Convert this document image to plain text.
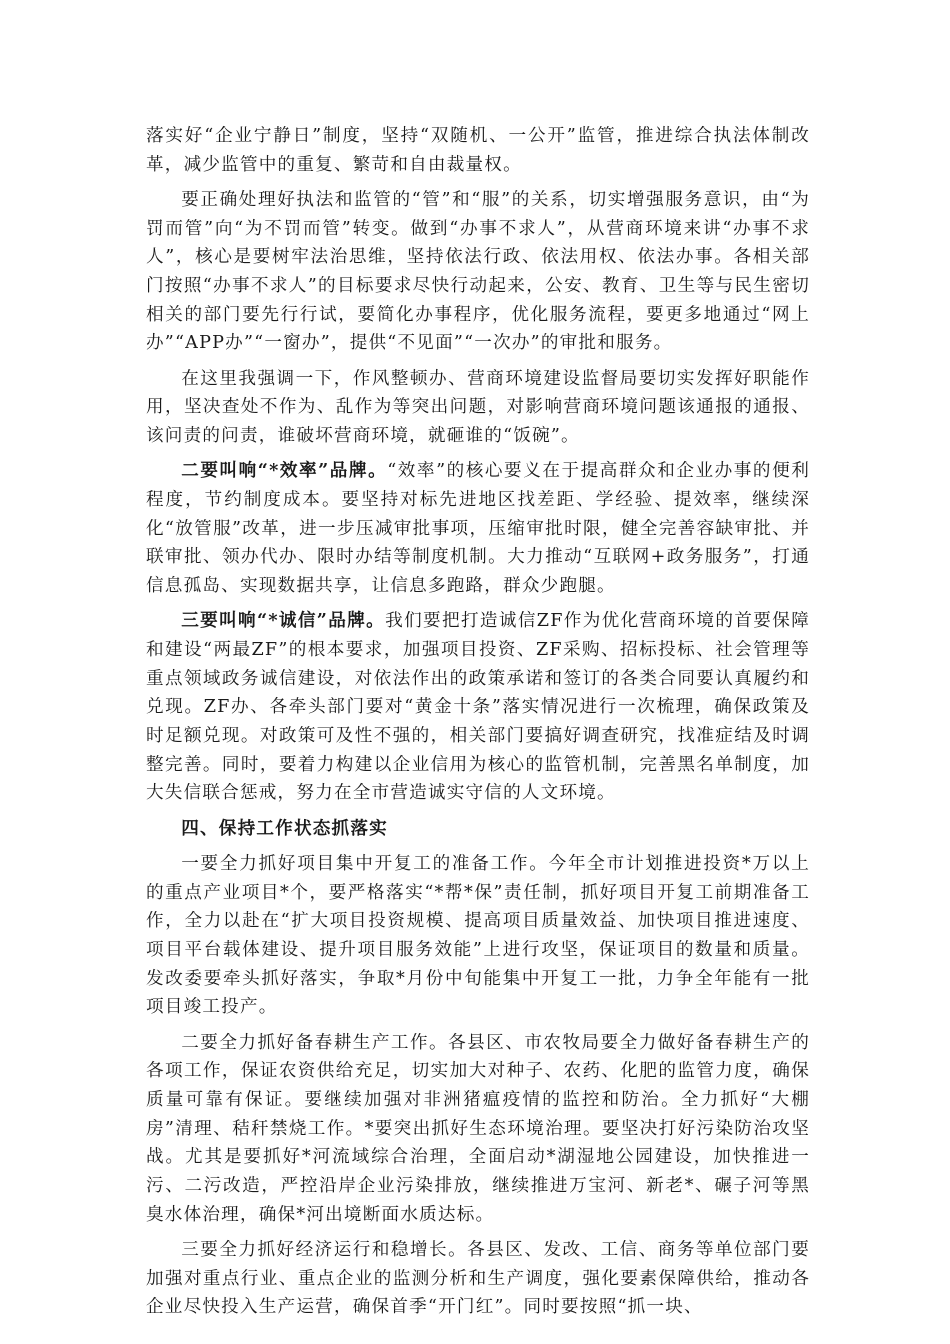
落实好“企业宁静日”制度，坚持“双随机、一公开”监管，推进综合执法体制改革，减少监管中的重复、繁苛和自由裁量权。

要正确处理好执法和监管的“管”和“服”的关系，切实增强服务意识，由“为罚而管”向“为不罚而管”转变。做到“办事不求人”，从营商环境来讲“办事不求人”，核心是要树牢法治思维，坚持依法行政、依法用权、依法办事。各相关部门按照“办事不求人”的目标要求尽快行动起来，公安、教育、卫生等与民生密切相关的部门要先行行试，要简化办事程序，优化服务流程，要更多地通过“网上办”“APP办”“一窗办”，提供“不见面”“一次办”的审批和服务。

在这里我强调一下，作风整顿办、营商环境建设监督局要切实发挥好职能作用，坚决查处不作为、乱作为等突出问题，对影响营商环境问题该通报的通报、该问责的问责，谁破坏营商环境，就砸谁的“饭碗”。

二要叫响“*效率”品牌。“效率”的核心要义在于提高群众和企业办事的便利程度，节约制度成本。要坚持对标先进地区找差距、学经验、提效率，继续深化“放管服”改革，进一步压减审批事项，压缩审批时限，健全完善容缺审批、并联审批、领办代办、限时办结等制度机制。大力推动“互联网+政务服务”，打通信息孤岛、实现数据共享，让信息多跑路，群众少跑腿。

三要叫响“*诚信”品牌。我们要把打造诚信ZF作为优化营商环境的首要保障和建设“两最ZF”的根本要求，加强项目投资、ZF采购、招标投标、社会管理等重点领域政务诚信建设，对依法作出的政策承诺和签订的各类合同要认真履约和兑现。ZF办、各牵头部门要对“黄金十条”落实情况进行一次梳理，确保政策及时足额兑现。对政策可及性不强的，相关部门要搞好调查研究，找准症结及时调整完善。同时，要着力构建以企业信用为核心的监管机制，完善黑名单制度，加大失信联合惩戒，努力在全市营造诚实守信的人文环境。

四、保持工作状态抓落实

一要全力抓好项目集中开复工的准备工作。今年全市计划推进投资*万以上的重点产业项目*个，要严格落实“*帮*保”责任制，抓好项目开复工前期准备工作，全力以赴在“扩大项目投资规模、提高项目质量效益、加快项目推进速度、项目平台载体建设、提升项目服务效能”上进行攻坚，保证项目的数量和质量。发改委要牵头抓好落实，争取*月份中旬能集中开复工一批，力争全年能有一批项目竣工投产。

二要全力抓好备春耕生产工作。各县区、市农牧局要全力做好备春耕生产的各项工作，保证农资供给充足，切实加大对种子、农药、化肥的监管力度，确保质量可靠有保证。要继续加强对非洲猪瘟疫情的监控和防治。全力抓好“大棚房”清理、秸秆禁烧工作。*要突出抓好生态环境治理。要坚决打好污染防治攻坚战。尤其是要抓好*河流域综合治理，全面启动*湖湿地公园建设，加快推进一污、二污改造，严控沿岸企业污染排放，继续推进万宝河、新老*、碾子河等黑臭水体治理，确保*河出境断面水质达标。

三要全力抓好经济运行和稳增长。各县区、发改、工信、商务等单位部门要加强对重点行业、重点企业的监测分析和生产调度，强化要素保障供给，推动各企业尽快投入生产运营，确保首季“开门红”。同时要按照“抓一块、
